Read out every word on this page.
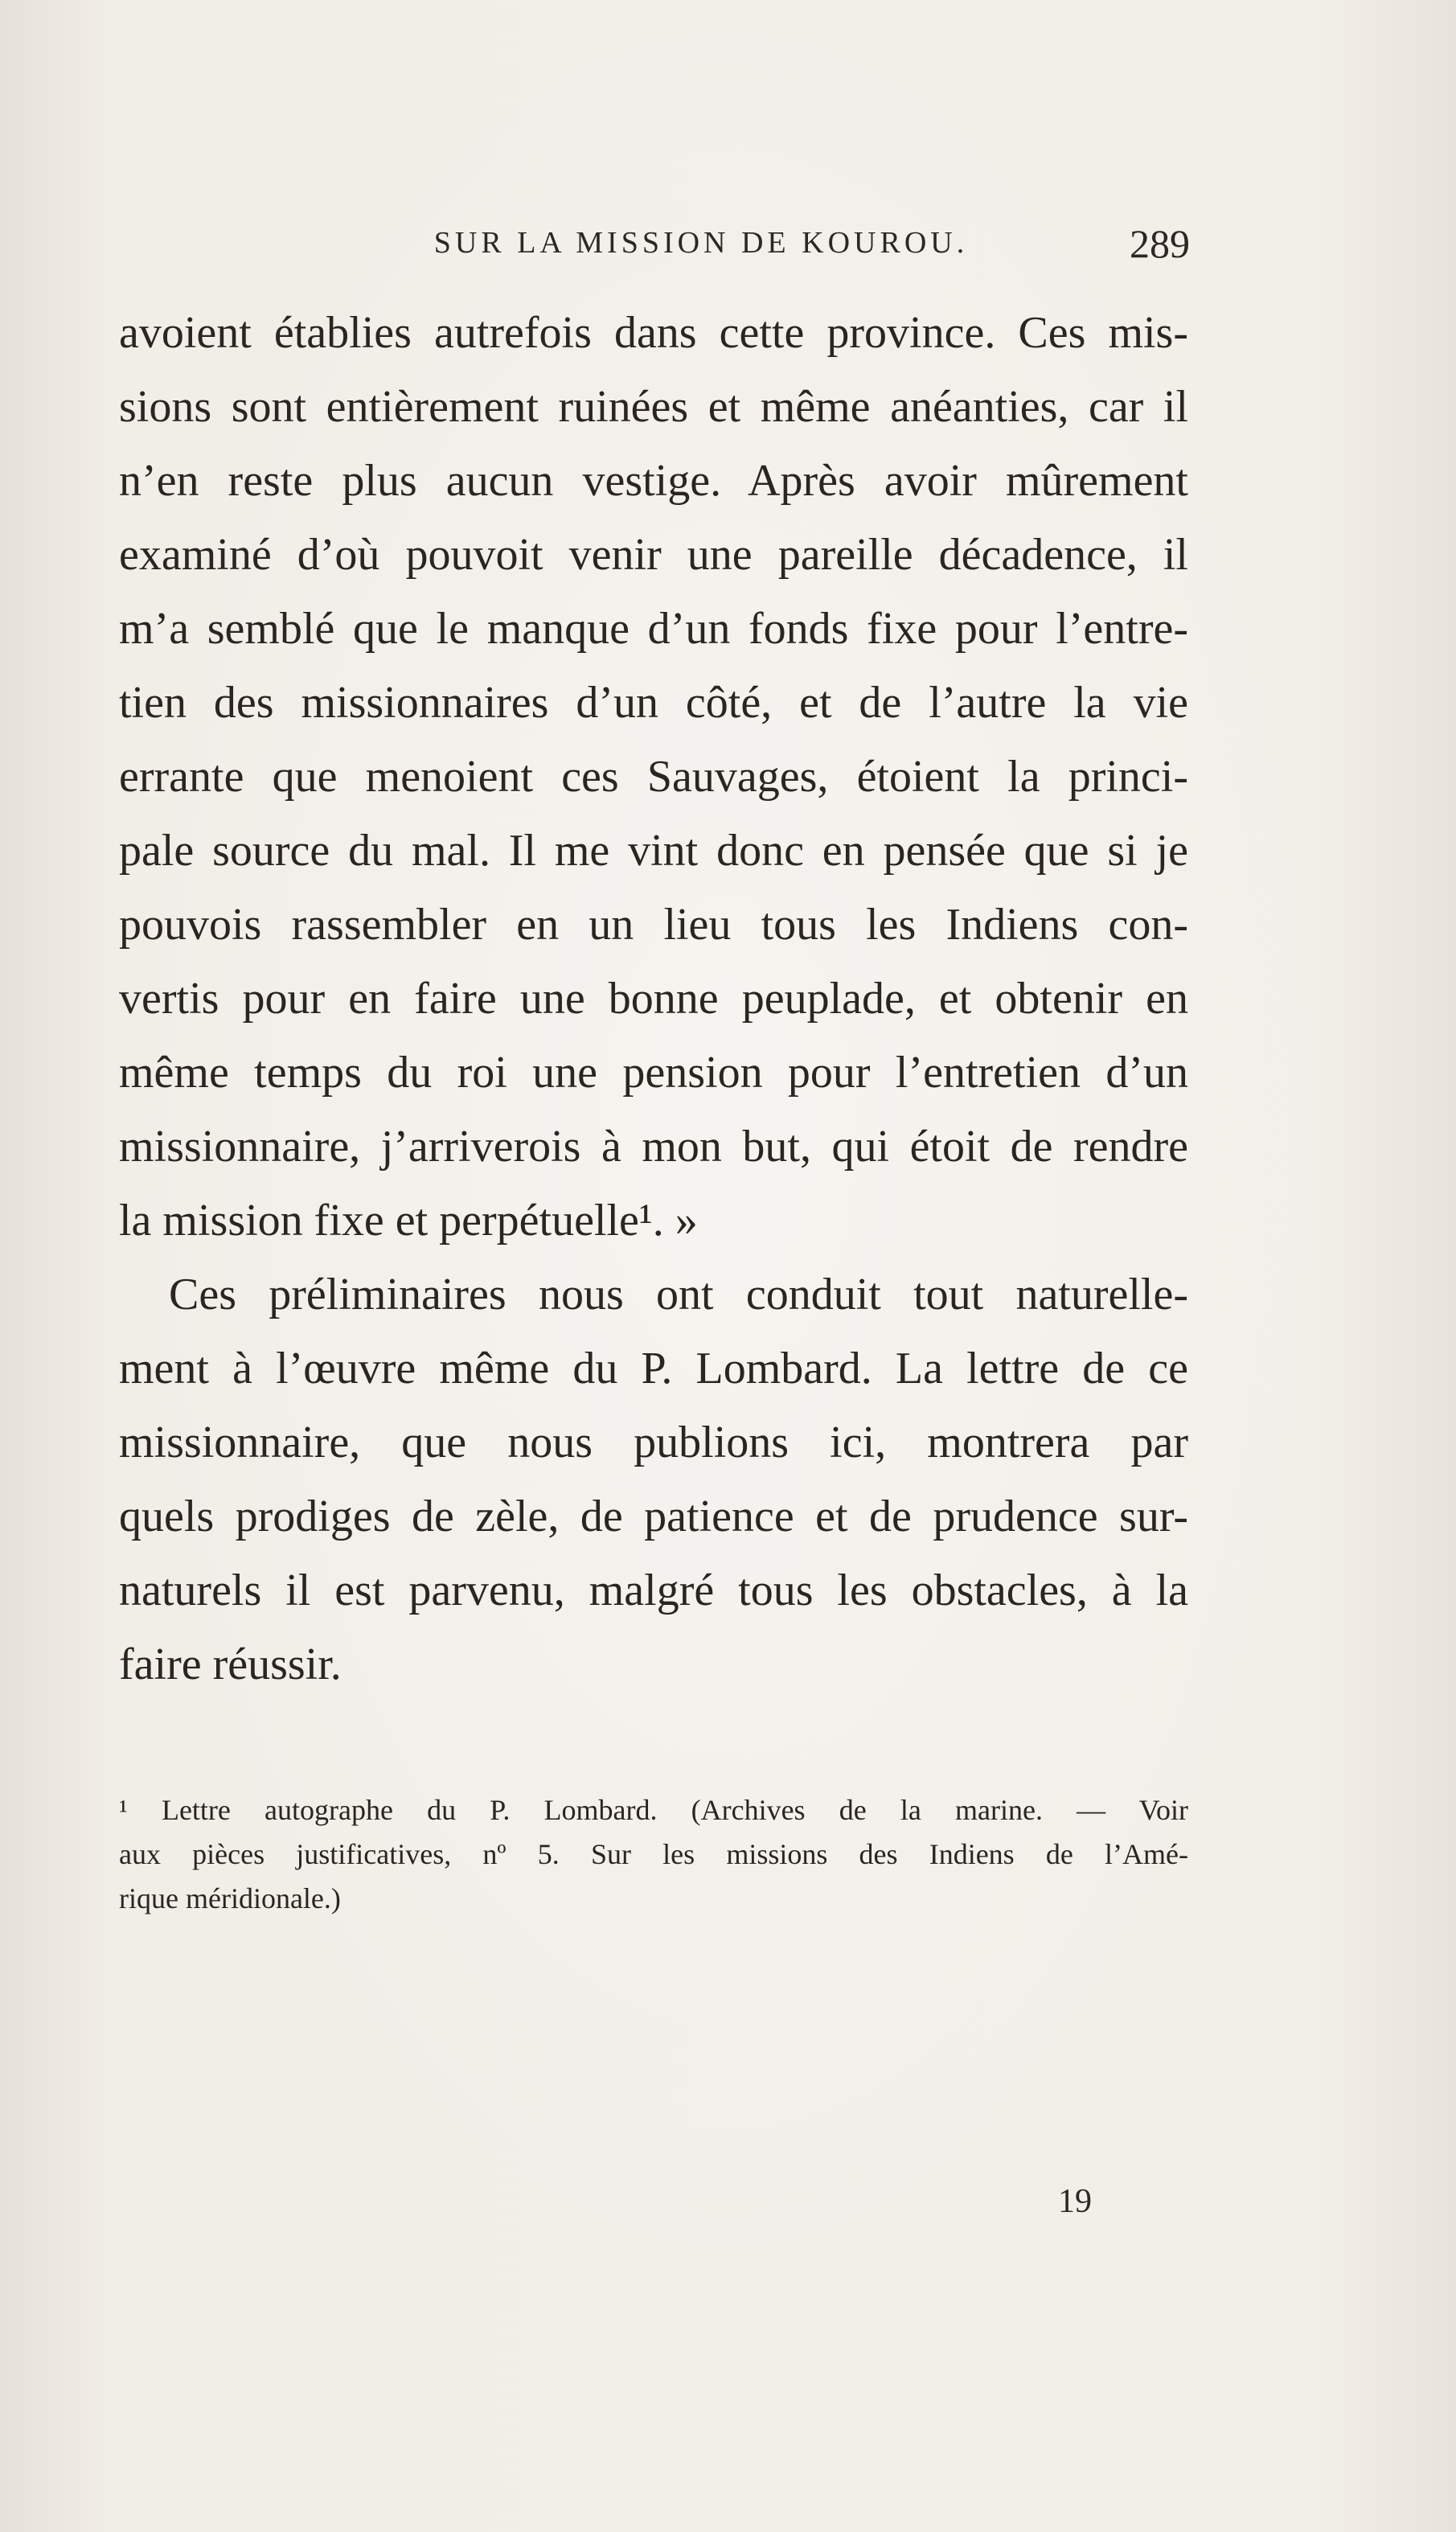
SUR LA MISSION DE KOUROU.	289
avoient établies autrefois dans cette province. Ces mis-
sions sont entièrement ruinées et même anéanties, car il
n’en reste plus aucun vestige. Après avoir mûrement
examiné d’où pouvoit venir une pareille décadence, il
m’a semblé que le manque d’un fonds fixe pour l’entre-
tien des missionnaires d’un côté, et de l’autre la vie
errante que menoient ces Sauvages, étoient la princi-
pale source du mal. Il me vint donc en pensée que si je
pouvois rassembler en un lieu tous les Indiens con-
vertis pour en faire une bonne peuplade, et obtenir en
même temps du roi une pension pour l’entretien d’un
missionnaire, j’arriverois à mon but, qui étoit de rendre
la mission fixe et perpétuelle¹. »
Ces préliminaires nous ont conduit tout naturelle-
ment à l’œuvre même du P. Lombard. La lettre de ce
missionnaire, que nous publions ici, montrera par
quels prodiges de zèle, de patience et de prudence sur-
naturels il est parvenu, malgré tous les obstacles, à la
faire réussir.
¹ Lettre autographe du P. Lombard. (Archives de la marine. — Voir
aux pièces justificatives, nº 5. Sur les missions des Indiens de l’Amé-
rique méridionale.)
19
